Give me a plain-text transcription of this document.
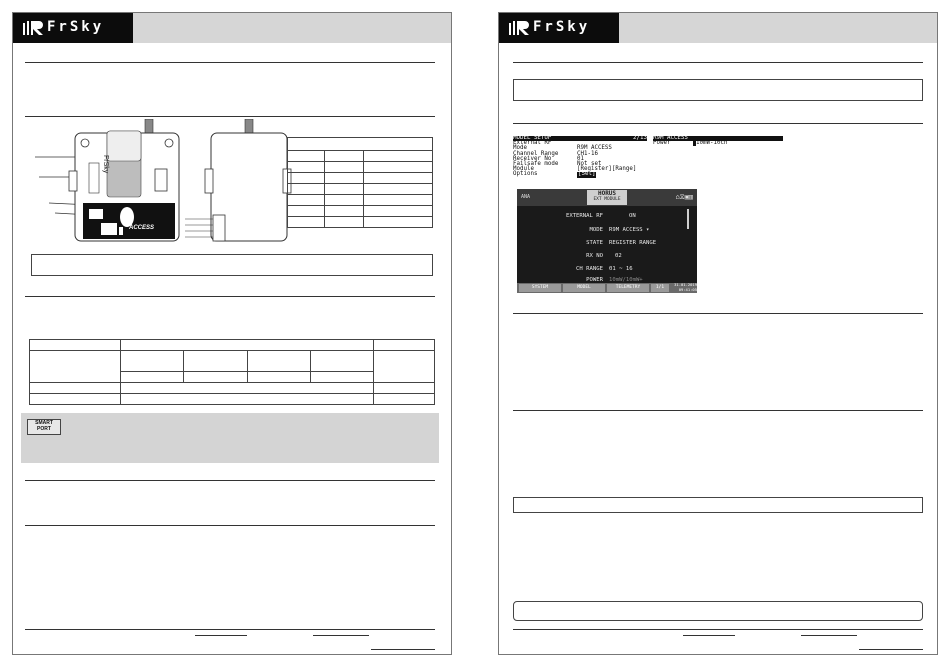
FrSky
FrSky
ACCESS

SMART PORT
FrSky
MODEL SETUP	2/13
External RF
Mode	R9M ACCESS
Channel Range	CH1-16
Receiver No	01
Failsafe mode	Not set
Module	[Register][Range]
Options	[Set]
R9M ACCESS
Power	10mW-10ch
ANA	HORUS
EXT MODULE	⌂⧖▣▥
EXTERNAL RF	ON
MODE R9M ACCESS ▾
STATE REGISTER RANGE
RX NO 02
CH RANGE 01 ~ 16
POWER 10mW/10mW+
SYSTEM	MODEL	TELEMETRY	1/1
31.01.2019 09:41:05
